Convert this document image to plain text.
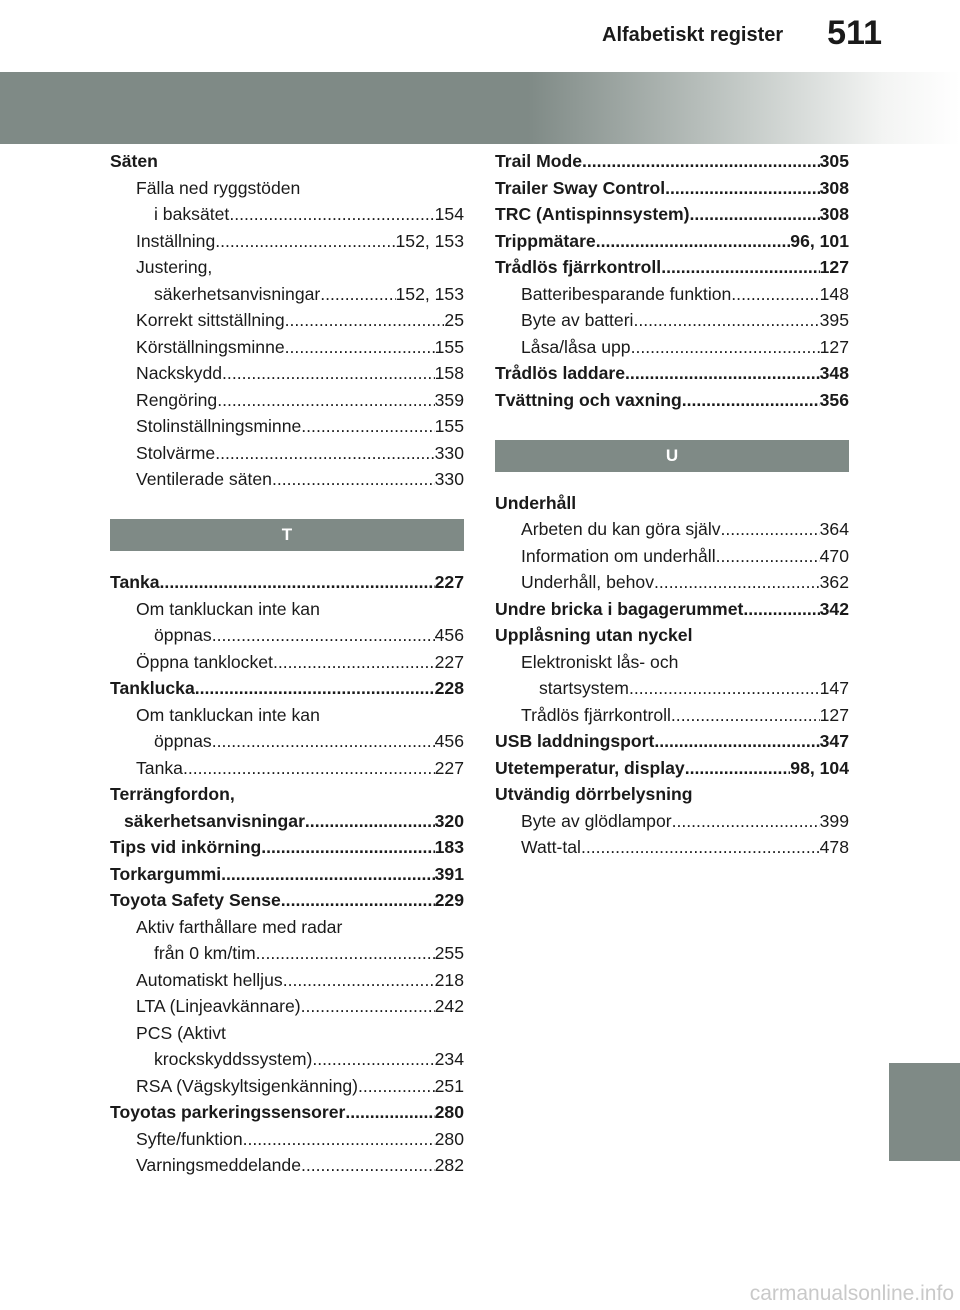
Alfabetiskt register 511
Säten
Fälla ned ryggstöden
i baksätet .....	154
Inställning .....	152, 153
Justering,
säkerhetsanvisningar .....	152, 153
Korrekt sittställning .....	25
Körställningsminne .....	155
Nackskydd .....	158
Rengöring .....	359
Stolinställningsminne .....	155
Stolvärme .....	330
Ventilerade säten .....	330
T
Tanka .....	227
Om tankluckan inte kan
öppnas .....	456
Öppna tanklocket .....	227
Tanklucka .....	228
Om tankluckan inte kan
öppnas .....	456
Tanka .....	227
Terrängfordon,
säkerhetsanvisningar .....	320
Tips vid inkörning .....	183
Torkargummi .....	391
Toyota Safety Sense .....	229
Aktiv farthållare med radar
från 0 km/tim .....	255
Automatiskt helljus .....	218
LTA (Linjeavkännare) .....	242
PCS (Aktivt
krockskyddssystem) .....	234
RSA (Vägskyltsigenkänning) .....	251
Toyotas parkeringssensorer .....	280
Syfte/funktion .....	280
Varningsmeddelande .....	282
Trail Mode .....	305
Trailer Sway Control .....	308
TRC (Antispinnsystem) .....	308
Trippmätare .....	96, 101
Trådlös fjärrkontroll .....	127
Batteribesparande funktion .....	148
Byte av batteri .....	395
Låsa/låsa upp .....	127
Trådlös laddare .....	348
Tvättning och vaxning .....	356
U
Underhåll
Arbeten du kan göra själv .....	364
Information om underhåll .....	470
Underhåll, behov .....	362
Undre bricka i bagagerummet .....	342
Upplåsning utan nyckel
Elektroniskt lås- och
startsystem .....	147
Trådlös fjärrkontroll .....	127
USB laddningsport .....	347
Utetemperatur, display .....	98, 104
Utvändig dörrbelysning
Byte av glödlampor .....	399
Watt-tal .....	478
carmanualsonline.info
